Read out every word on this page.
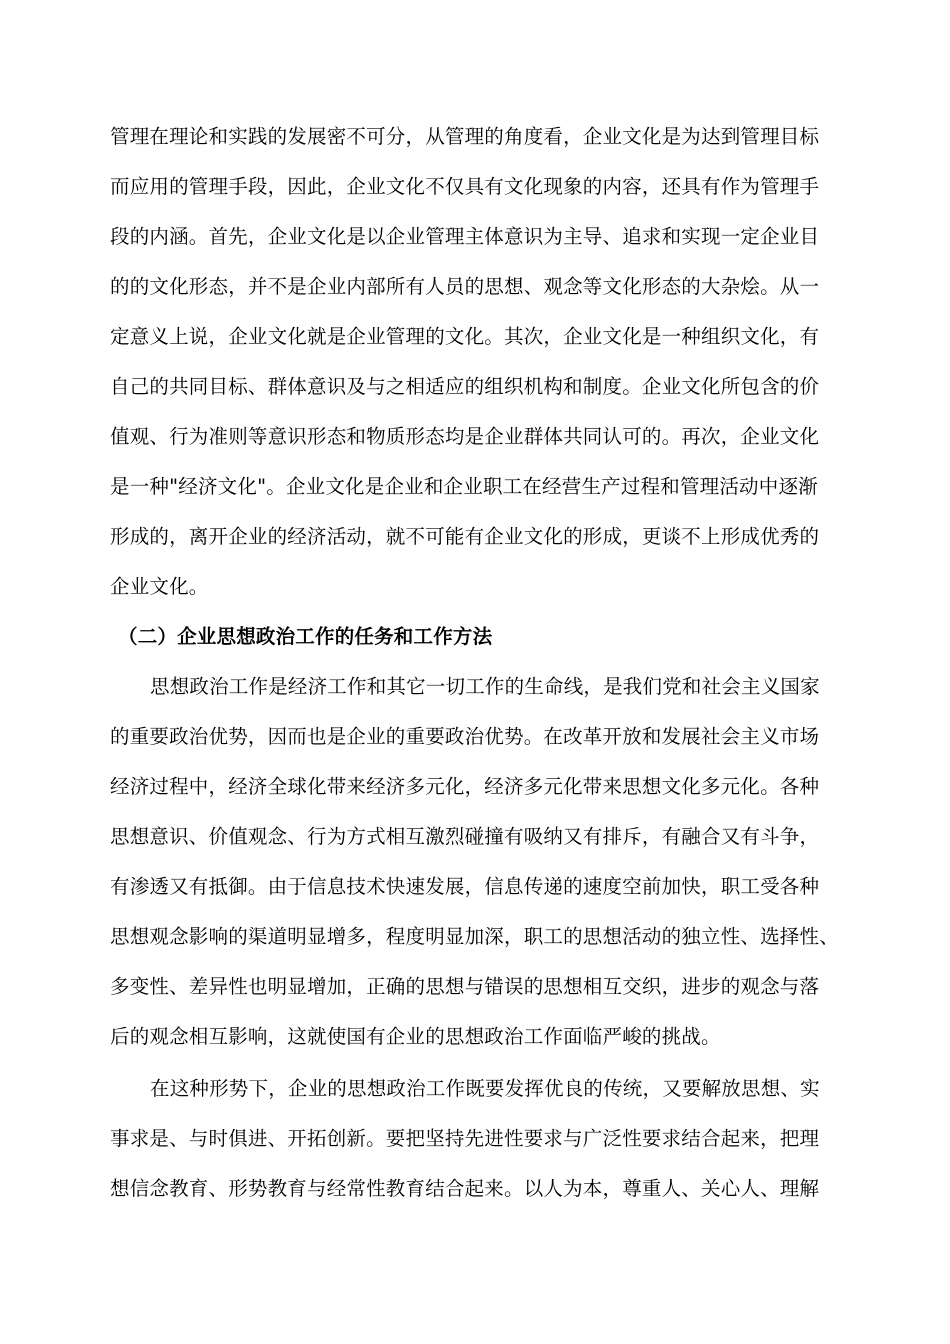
管理在理论和实践的发展密不可分，从管理的角度看，企业文化是为达到管理目标
而应用的管理手段，因此，企业文化不仅具有文化现象的内容，还具有作为管理手
段的内涵。首先，企业文化是以企业管理主体意识为主导、追求和实现一定企业目
的的文化形态，并不是企业内部所有人员的思想、观念等文化形态的大杂烩。从一
定意义上说，企业文化就是企业管理的文化。其次，企业文化是一种组织文化，有
自己的共同目标、群体意识及与之相适应的组织机构和制度。企业文化所包含的价
值观、行为准则等意识形态和物质形态均是企业群体共同认可的。再次，企业文化
是一种"经济文化"。企业文化是企业和企业职工在经营生产过程和管理活动中逐渐
形成的，离开企业的经济活动，就不可能有企业文化的形成，更谈不上形成优秀的
企业文化。
（二）企业思想政治工作的任务和工作方法
思想政治工作是经济工作和其它一切工作的生命线，是我们党和社会主义国家
的重要政治优势，因而也是企业的重要政治优势。在改革开放和发展社会主义市场
经济过程中，经济全球化带来经济多元化，经济多元化带来思想文化多元化。各种
思想意识、价值观念、行为方式相互激烈碰撞有吸纳又有排斥，有融合又有斗争，
有渗透又有抵御。由于信息技术快速发展，信息传递的速度空前加快，职工受各种
思想观念影响的渠道明显增多，程度明显加深，职工的思想活动的独立性、选择性、
多变性、差异性也明显增加，正确的思想与错误的思想相互交织，进步的观念与落
后的观念相互影响，这就使国有企业的思想政治工作面临严峻的挑战。
在这种形势下，企业的思想政治工作既要发挥优良的传统，又要解放思想、实
事求是、与时俱进、开拓创新。要把坚持先进性要求与广泛性要求结合起来，把理
想信念教育、形势教育与经常性教育结合起来。以人为本，尊重人、关心人、理解
